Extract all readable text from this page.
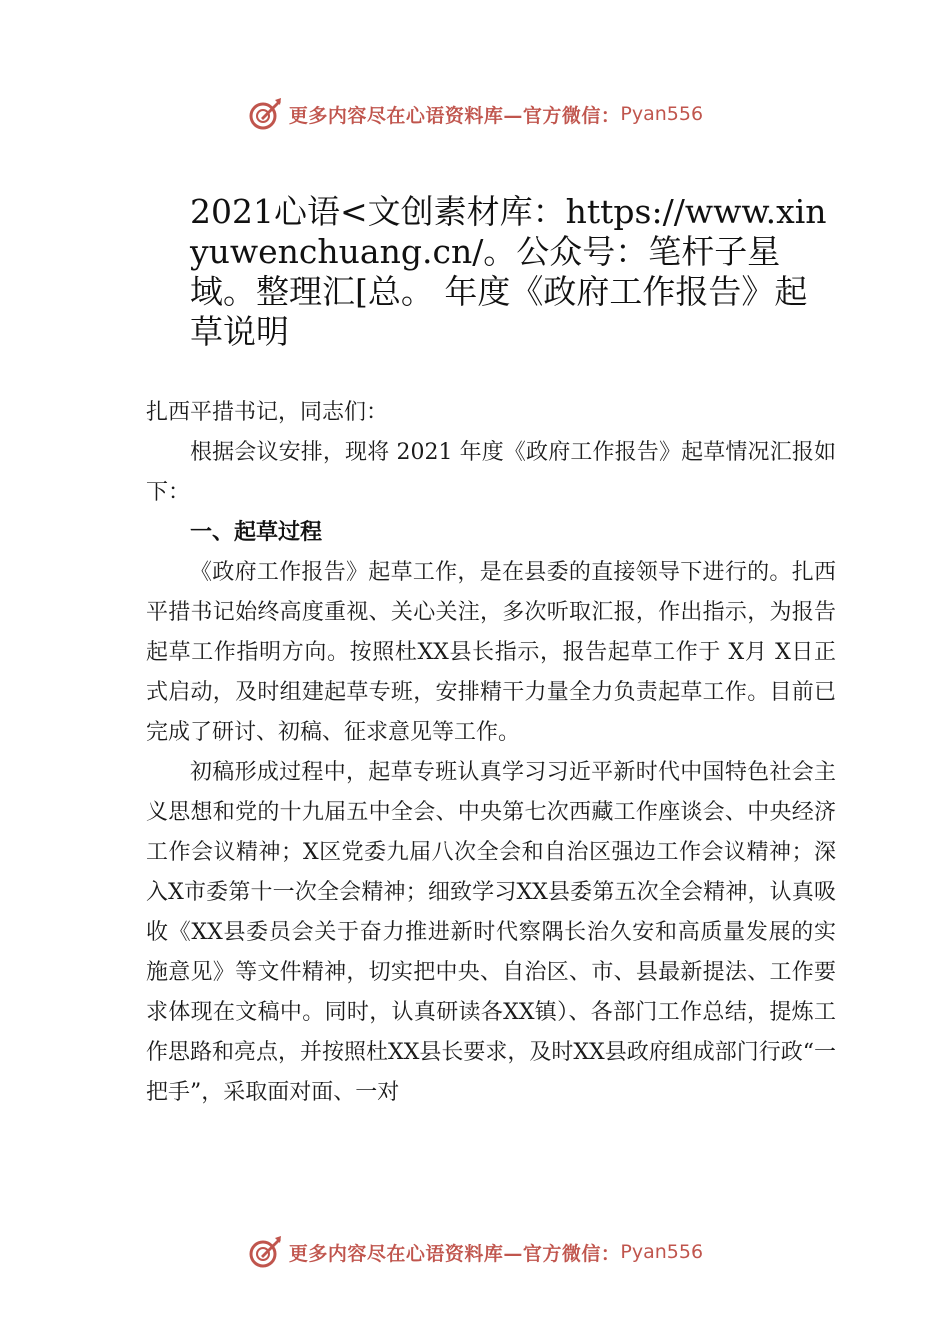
更多内容尽在心语资料库—官方微信： Pyan556
2021心语<文创素材库：https://www.xinyuwenchuang.cn/。公众号：笔杆子星域。整理汇[总。 年度《政府工作报告》起草说明

扎西平措书记，同志们：

根据会议安排，现将 2021 年度《政府工作报告》起草情况汇报如下：

一、起草过程

《政府工作报告》起草工作，是在县委的直接领导下进行的。扎西平措书记始终高度重视、关心关注，多次听取汇报，作出指示，为报告起草工作指明方向。按照杜XX县长指示，报告起草工作于 X月 X日正式启动，及时组建起草专班，安排精干力量全力负责起草工作。目前已完成了研讨、初稿、征求意见等工作。

初稿形成过程中，起草专班认真学习习近平新时代中国特色社会主义思想和党的十九届五中全会、中央第七次西藏工作座谈会、中央经济工作会议精神；X区党委九届八次全会和自治区强边工作会议精神；深入X市委第十一次全会精神；细致学习XX县委第五次全会精神，认真吸收《XX县委员会关于奋力推进新时代察隅长治久安和高质量发展的实施意见》等文件精神，切实把中央、自治区、市、县最新提法、工作要求体现在文稿中。同时，认真研读各XX镇）、各部门工作总结，提炼工作思路和亮点，并按照杜XX县长要求，及时XX县政府组成部门行政“一把手”，采取面对面、一对

更多内容尽在心语资料库—官方微信： Pyan556
